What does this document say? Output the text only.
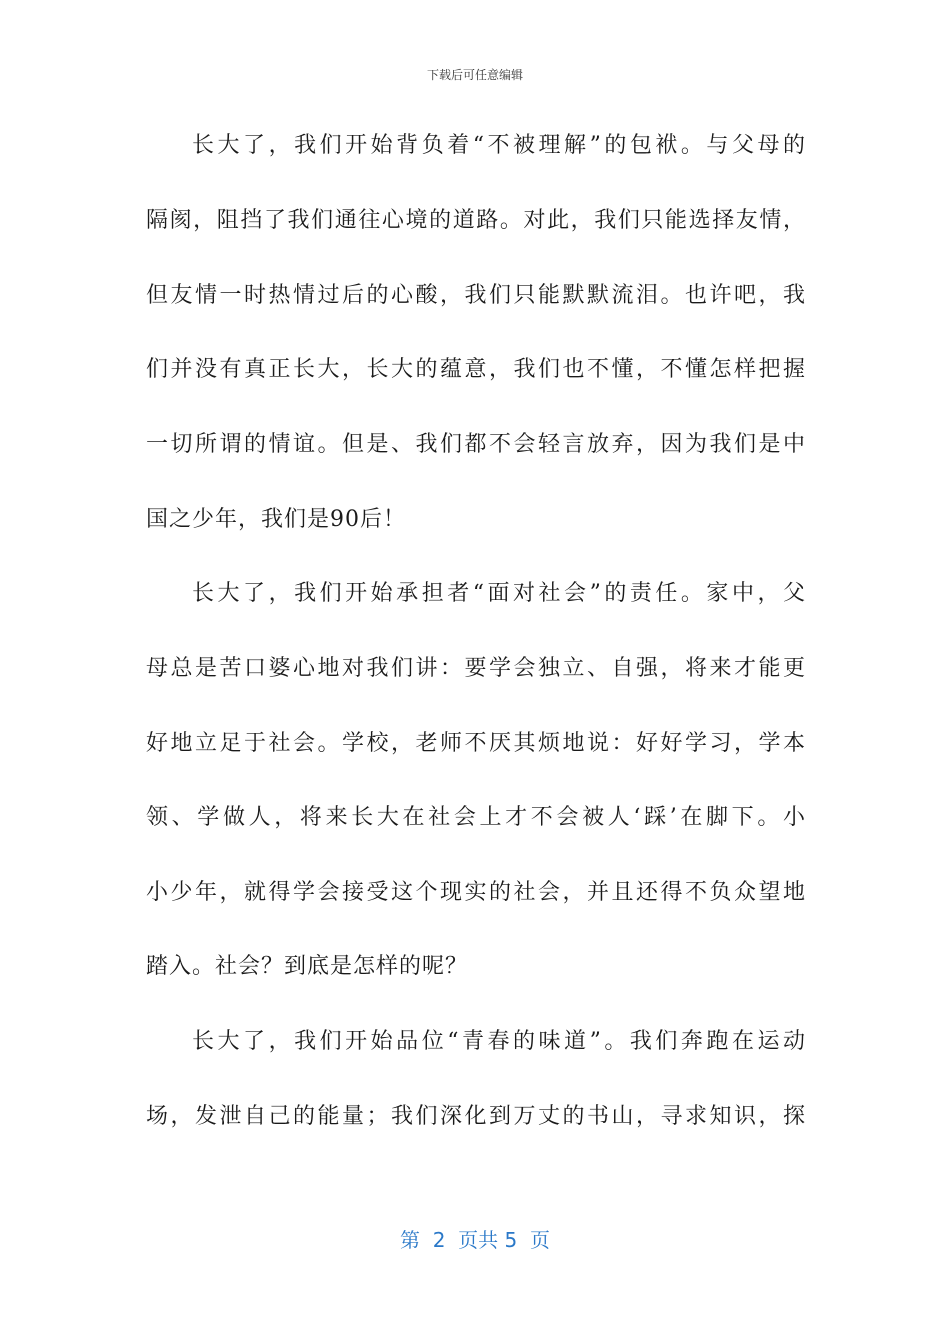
下载后可任意编辑
长大了，我们开始背负着“不被理解”的包袱。与父母的
隔阂，阻挡了我们通往心境的道路。对此，我们只能选择友情，
但友情一时热情过后的心酸，我们只能默默流泪。也许吧，我
们并没有真正长大，长大的蕴意，我们也不懂，不懂怎样把握
一切所谓的情谊。但是、我们都不会轻言放弃，因为我们是中
国之少年，我们是90后！
长大了，我们开始承担者“面对社会”的责任。家中，父
母总是苦口婆心地对我们讲：要学会独立、自强，将来才能更
好地立足于社会。学校，老师不厌其烦地说：好好学习，学本
领、学做人，将来长大在社会上才不会被人‘踩’在脚下。小
小少年，就得学会接受这个现实的社会，并且还得不负众望地
踏入。社会？到底是怎样的呢？
长大了，我们开始品位“青春的味道”。我们奔跑在运动
场，发泄自己的能量；我们深化到万丈的书山，寻求知识，探
第  2  页共 5  页
